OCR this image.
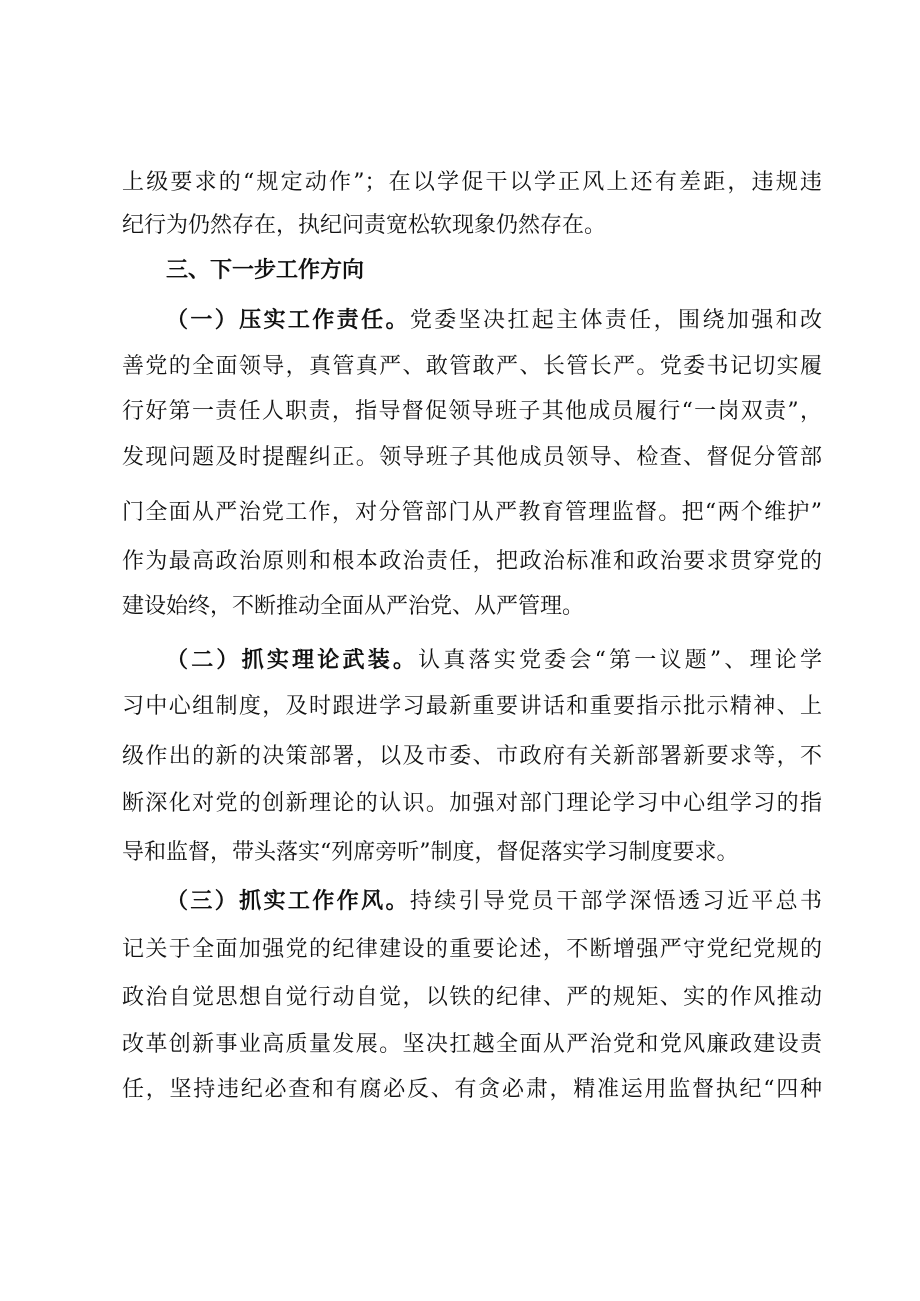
上级要求的“规定动作”；在以学促干以学正风上还有差距，违规违
纪行为仍然存在，执纪问责宽松软现象仍然存在。
三、下一步工作方向
（一）压实工作责任。党委坚决扛起主体责任，围绕加强和改
善党的全面领导，真管真严、敢管敢严、长管长严。党委书记切实履
行好第一责任人职责，指导督促领导班子其他成员履行“一岗双责”，
发现问题及时提醒纠正。领导班子其他成员领导、检查、督促分管部
门全面从严治党工作，对分管部门从严教育管理监督。把“两个维护”
作为最高政治原则和根本政治责任，把政治标准和政治要求贯穿党的
建设始终，不断推动全面从严治党、从严管理。
（二）抓实理论武装。认真落实党委会“第一议题”、理论学
习中心组制度，及时跟进学习最新重要讲话和重要指示批示精神、上
级作出的新的决策部署，以及市委、市政府有关新部署新要求等，不
断深化对党的创新理论的认识。加强对部门理论学习中心组学习的指
导和监督，带头落实“列席旁听”制度，督促落实学习制度要求。
（三）抓实工作作风。持续引导党员干部学深悟透习近平总书
记关于全面加强党的纪律建设的重要论述，不断增强严守党纪党规的
政治自觉思想自觉行动自觉，以铁的纪律、严的规矩、实的作风推动
改革创新事业高质量发展。坚决扛越全面从严治党和党风廉政建设责
任，坚持违纪必查和有腐必反、有贪必肃，精准运用监督执纪“四种
